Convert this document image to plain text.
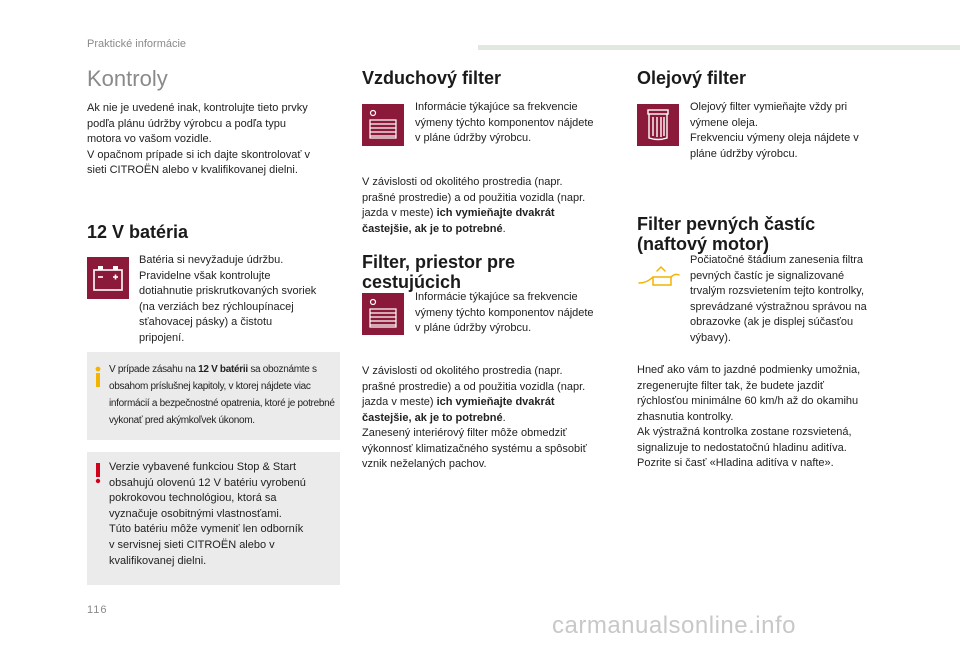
Praktické informácie
Kontroly

Ak nie je uvedené inak, kontrolujte tieto prvky

podľa plánu údržby výrobcu a podľa typu

motora vo vašom vozidle.

V opačnom prípade si ich dajte skontrolovať v

sieti CITROËN alebo v kvalifikovanej dielni.

12 V batéria

Batéria si nevyžaduje údržbu.

Pravidelne však kontrolujte

dotiahnutie priskrutkovaných svoriek

(na verziách bez rýchloupínacej

sťahovacej pásky) a čistotu

pripojení.

V prípade zásahu na 12 V batérii sa oboznámte s obsahom príslušnej kapitoly, v ktorej nájdete viac informácií a bezpečnostné opatrenia, ktoré je potrebné vykonať pred akýmkoľvek úkonom.

Verzie vybavené funkciou Stop & Start

obsahujú olovenú 12 V batériu vyrobenú

pokrokovou technológiou, ktorá sa

vyznačuje osobitnými vlastnosťami.

Túto batériu môže vymeniť len odborník

v servisnej sieti CITROËN alebo v

kvalifikovanej dielni.

Vzduchový filter

Informácie týkajúce sa frekvencie

výmeny týchto komponentov nájdete

v pláne údržby výrobcu.

V závislosti od okolitého prostredia (napr.

prašné prostredie) a od použitia vozidla (napr.

jazda v meste) ich vymieňajte dvakrát

častejšie, ak je to potrebné.

Filter, priestor pre
cestujúcich

Informácie týkajúce sa frekvencie

výmeny týchto komponentov nájdete

v pláne údržby výrobcu.

V závislosti od okolitého prostredia (napr.

prašné prostredie) a od použitia vozidla (napr.

jazda v meste) ich vymieňajte dvakrát

častejšie, ak je to potrebné.

Zanesený interiérový filter môže obmedziť

výkonnosť klimatizačného systému a spôsobiť

vznik neželaných pachov.

Olejový filter

Olejový filter vymieňajte vždy pri

výmene oleja.

Frekvenciu výmeny oleja nájdete v

pláne údržby výrobcu.

Filter pevných častíc
(naftový motor)

Počiatočné štádium zanesenia filtra

pevných častíc je signalizované

trvalým rozsvietením tejto kontrolky,

sprevádzané výstražnou správou na

obrazovke (ak je displej súčasťou

výbavy).

Hneď ako vám to jazdné podmienky umožnia,

zregenerujte filter tak, že budete jazdiť

rýchlosťou minimálne 60 km/h až do okamihu

zhasnutia kontrolky.

Ak výstražná kontrolka zostane rozsvietená,

signalizuje to nedostatočnú hladinu aditíva.

Pozrite si časť «Hladina aditíva v nafte».

116
carmanualsonline.info
